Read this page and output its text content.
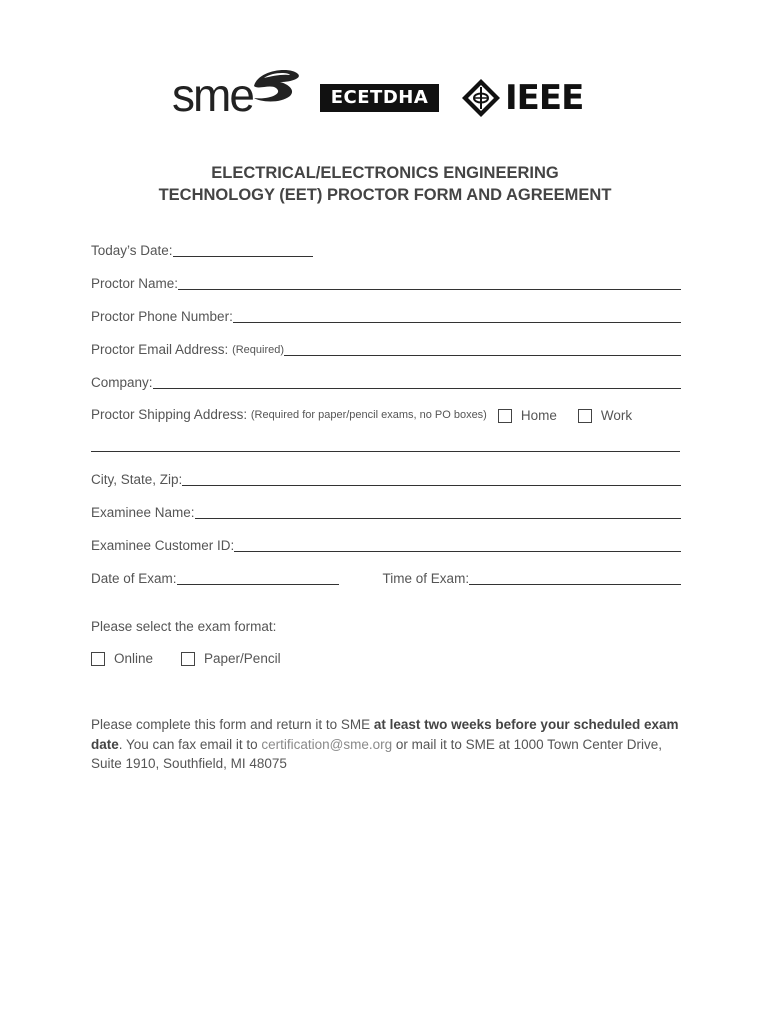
sme	ECETDHA	IEEE
ELECTRICAL/ELECTRONICS ENGINEERING
TECHNOLOGY (EET) PROCTOR FORM AND AGREEMENT
Today’s Date:
Proctor Name:
Proctor Phone Number:
Proctor Email Address: (Required)
Company:
Proctor Shipping Address: (Required for paper/pencil exams, no PO boxes)	Home	Work
City, State, Zip:
Examinee Name:
Examinee Customer ID:
Date of Exam:	Time of Exam:
Please select the exam format:
Online	Paper/Pencil
Please complete this form and return it to SME at least two weeks before your scheduled exam date. You can fax email it to certification@sme.org or mail it to SME at 1000 Town Center Drive, Suite 1910, Southfield, MI 48075
